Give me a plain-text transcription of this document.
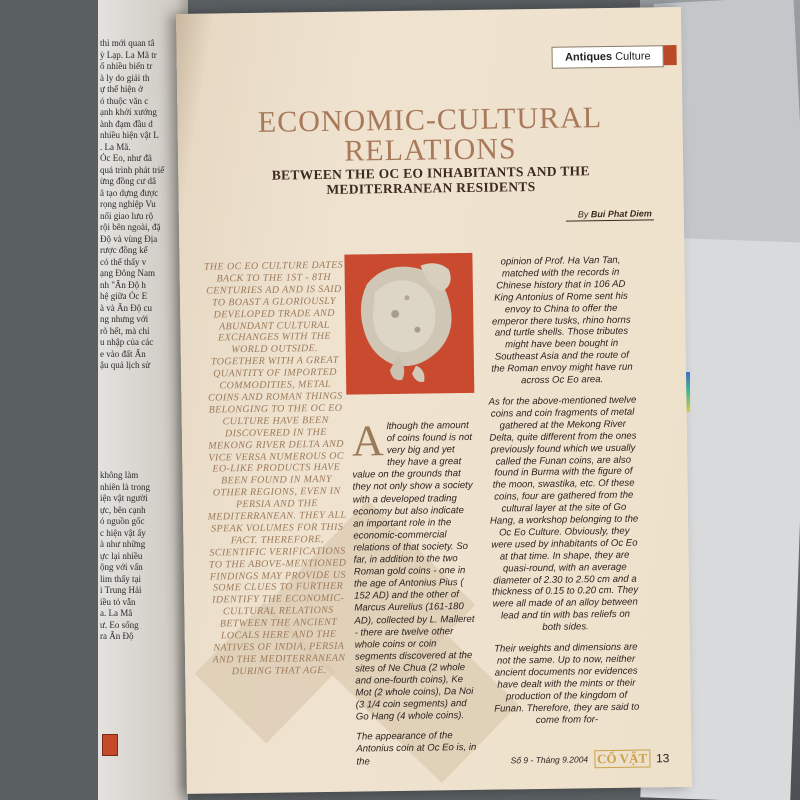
thì mới quan tâ

ỳ Lạp. La Mã tr

ố nhiều biến tr

à ly do giải th

ự thể hiện ở

ó thuộc văn c

ạnh khởi xướng

ành đạm đầu d

nhiều hiện vật L

. La Mã.

Óc Eo, như đã

quá trình phát triể

ừng đồng cư dâ

ã tạo dựng được

rọng nghiệp Vu

nối giao lưu rộ

rội bên ngoài, đặ

Độ và vùng Địa

rược đồng kể

có thể thấy v

ạng Đông Nam

nh "Ấn Độ h

hệ giữa Óc E

à và Ấn Độ cu

ng nhưng với

rõ hết, mà chỉ

u nhập của các

e vào đất Ấn

ậu quả lịch sử

không làm

nhiên là trong

iện vật người

ực, bên cạnh

ó nguồn gốc

c hiện vật ấy

à như những

ực lại nhiều

ộng với vấn

lim thấy tại

ì Trung Hải

iều tỏ vẫn

a. La Mã

ư. Eo sống

ra Ấn Độ

Antiques Culture
ECONOMIC-CULTURAL
RELATIONS
BETWEEN THE OC EO INHABITANTS AND THE
MEDITERRANEAN RESIDENTS
By Bui Phat Diem
THE OC EO CULTURE DATES BACK TO THE 1ST - 8TH CENTURIES AD AND IS SAID TO BOAST A GLORIOUSLY DEVELOPED TRADE AND ABUNDANT CULTURAL EXCHANGES WITH THE WORLD OUTSIDE. TOGETHER WITH A GREAT QUANTITY OF IMPORTED COMMODITIES, METAL COINS AND ROMAN THINGS BELONGING TO THE OC EO CULTURE HAVE BEEN DISCOVERED IN THE MEKONG RIVER DELTA AND VICE VERSA NUMEROUS OC EO-LIKE PRODUCTS HAVE BEEN FOUND IN MANY OTHER REGIONS, EVEN IN PERSIA AND THE MEDITERRANEAN. THEY ALL SPEAK VOLUMES FOR THIS FACT. THEREFORE, SCIENTIFIC VERIFICATIONS TO THE ABOVE-MENTIONED FINDINGS MAY PROVIDE US SOME CLUES TO FURTHER IDENTIFY THE ECONOMIC-CULTURAL RELATIONS BETWEEN THE ANCIENT LOCALS HERE AND THE NATIVES OF INDIA, PERSIA AND THE MEDITERRANEAN DURING THAT AGE.

Although the amount of coins found is not very big and yet they have a great value on the grounds that they not only show a society with a developed trading economy but also indicate an important role in the economic-commercial relations of that society. So far, in addition to the two Roman gold coins - one in the age of Antonius Pius ( 152 AD) and the other of Marcus Aurelius (161-180 AD), collected by L. Malleret - there are twelve other whole coins or coin segments discovered at the sites of Ne Chua (2 whole and one-fourth coins), Ke Mot (2 whole coins), Da Noi (3 1/4 coin segments) and Go Hang (4 whole coins).

The appearance of the Antonius coin at Oc Eo is, in the

opinion of Prof. Ha Van Tan, matched with the records in Chinese history that in 106 AD King Antonius of Rome sent his envoy to China to offer the emperor there tusks, rhino horns and turtle shells. Those tributes might have been bought in Southeast Asia and the route of the Roman envoy might have run across Oc Eo area.

As for the above-mentioned twelve coins and coin fragments of metal gathered at the Mekong River Delta, quite different from the ones previously found which we usually called the Funan coins, are also found in Burma with the figure of the moon, swastika, etc. Of these coins, four are gathered from the cultural layer at the site of Go Hang, a workshop belonging to the Oc Eo Culture. Obviously, they were used by inhabitants of Oc Eo at that time. In shape, they are quasi-round, with an average diameter of 2.30 to 2.50 cm and a thickness of 0.15 to 0.20 cm. They were all made of an alloy between lead and tin with bas reliefs on both sides.

Their weights and dimensions are not the same. Up to now, neither ancient documents nor evidences have dealt with the mints or their production of the kingdom of Funan. Therefore, they are said to come from for-

Số 9 - Tháng 9.2004 CỔ VẬT 13
